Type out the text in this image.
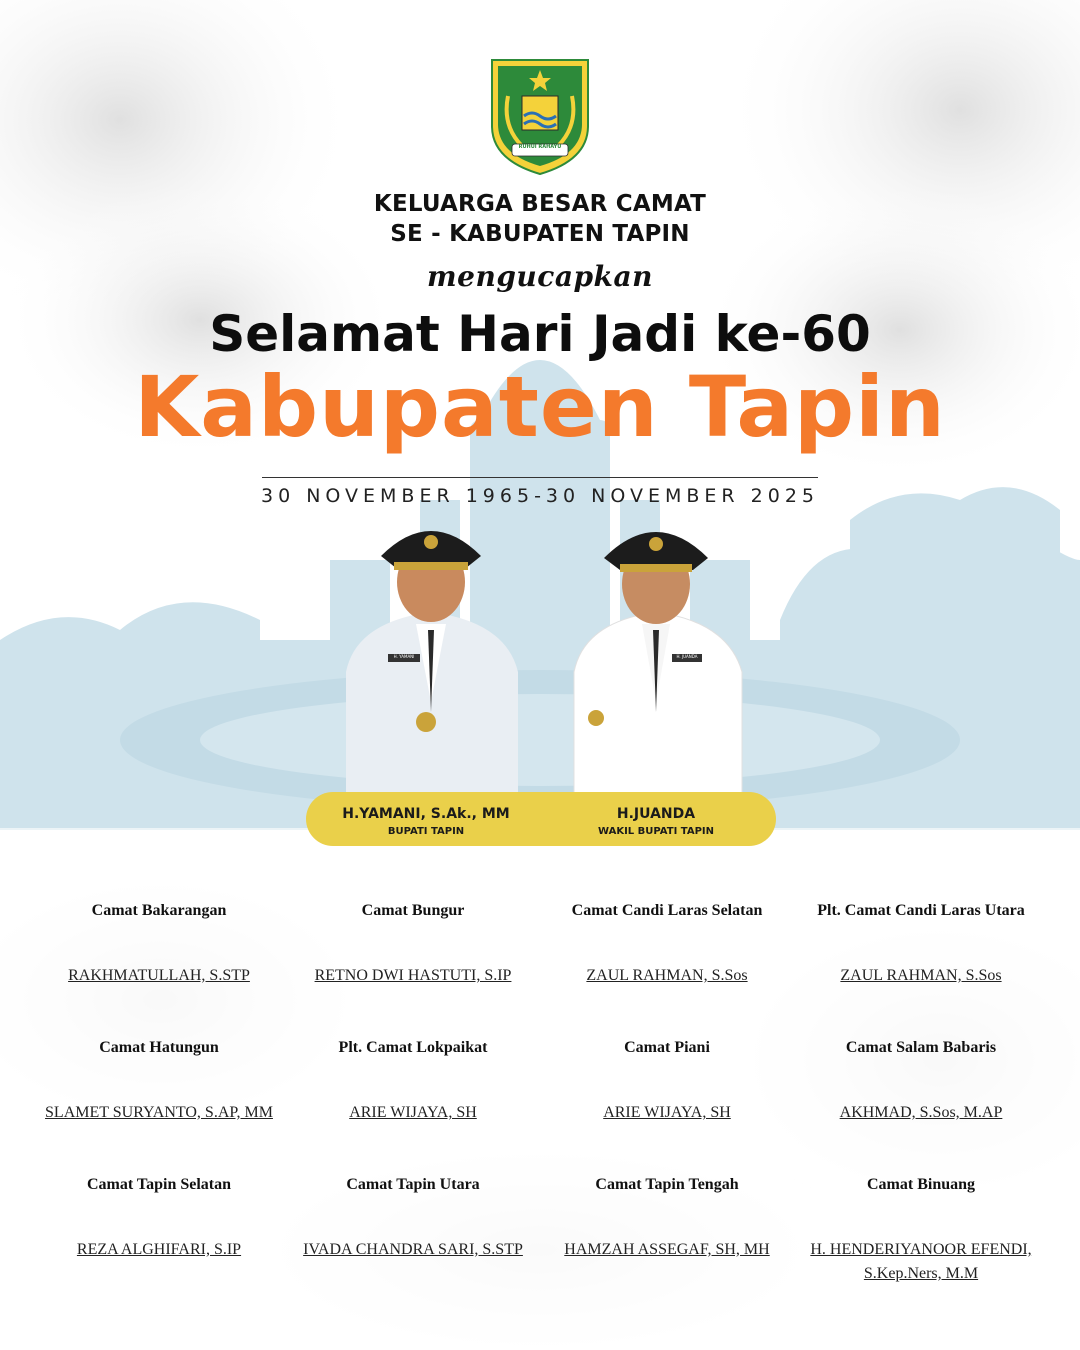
RUHUI RAHAYU
KELUARGA BESAR CAMAT
SE - KABUPATEN TAPIN
mengucapkan
Selamat Hari Jadi ke-60
Kabupaten Tapin
30 NOVEMBER 1965-30 NOVEMBER 2025
H. YAMANI	H. JUANDA
H.YAMANI, S.Ak., MM
BUPATI TAPIN
H.JUANDA
WAKIL BUPATI TAPIN
Camat Bakarangan
RAKHMATULLAH, S.STP
Camat Bungur
RETNO DWI HASTUTI, S.IP
Camat Candi Laras Selatan
ZAUL RAHMAN, S.Sos
Plt. Camat Candi Laras Utara
ZAUL RAHMAN, S.Sos
Camat Hatungun
SLAMET SURYANTO, S.AP, MM
Plt. Camat Lokpaikat
ARIE WIJAYA, SH
Camat Piani
ARIE WIJAYA, SH
Camat Salam Babaris
AKHMAD, S.Sos, M.AP
Camat Tapin Selatan
REZA ALGHIFARI, S.IP
Camat Tapin Utara
IVADA CHANDRA SARI, S.STP
Camat Tapin Tengah
HAMZAH ASSEGAF, SH, MH
Camat Binuang
H. HENDERIYANOOR EFENDI, S.Kep.Ners, M.M
